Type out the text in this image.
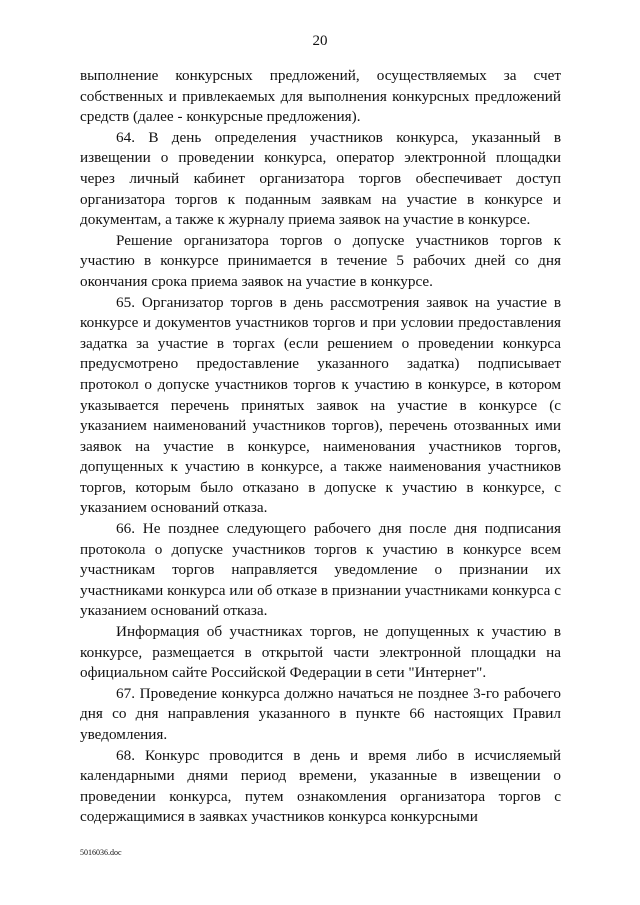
20

выполнение конкурсных предложений, осуществляемых за счет собственных и привлекаемых для выполнения конкурсных предложений средств (далее - конкурсные предложения).

64. В день определения участников конкурса, указанный в извещении о проведении конкурса, оператор электронной площадки через личный кабинет организатора торгов обеспечивает доступ организатора торгов к поданным заявкам на участие в конкурсе и документам, а также к журналу приема заявок на участие в конкурсе.

Решение организатора торгов о допуске участников торгов к участию в конкурсе принимается в течение 5 рабочих дней со дня окончания срока приема заявок на участие в конкурсе.

65. Организатор торгов в день рассмотрения заявок на участие в конкурсе и документов участников торгов и при условии предоставления задатка за участие в торгах (если решением о проведении конкурса предусмотрено предоставление указанного задатка) подписывает протокол о допуске участников торгов к участию в конкурсе, в котором указывается перечень принятых заявок на участие в конкурсе (с указанием наименований участников торгов), перечень отозванных ими заявок на участие в конкурсе, наименования участников торгов, допущенных к участию в конкурсе, а также наименования участников торгов, которым было отказано в допуске к участию в конкурсе, с указанием оснований отказа.

66. Не позднее следующего рабочего дня после дня подписания протокола о допуске участников торгов к участию в конкурсе всем участникам торгов направляется уведомление о признании их участниками конкурса или об отказе в признании участниками конкурса с указанием оснований отказа.

Информация об участниках торгов, не допущенных к участию в конкурсе, размещается в открытой части электронной площадки на официальном сайте Российской Федерации в сети "Интернет".

67. Проведение конкурса должно начаться не позднее 3-го рабочего дня со дня направления указанного в пункте 66 настоящих Правил уведомления.

68. Конкурс проводится в день и время либо в исчисляемый календарными днями период времени, указанные в извещении о проведении конкурса, путем ознакомления организатора торгов с содержащимися в заявках участников конкурса конкурсными

5016036.doc
